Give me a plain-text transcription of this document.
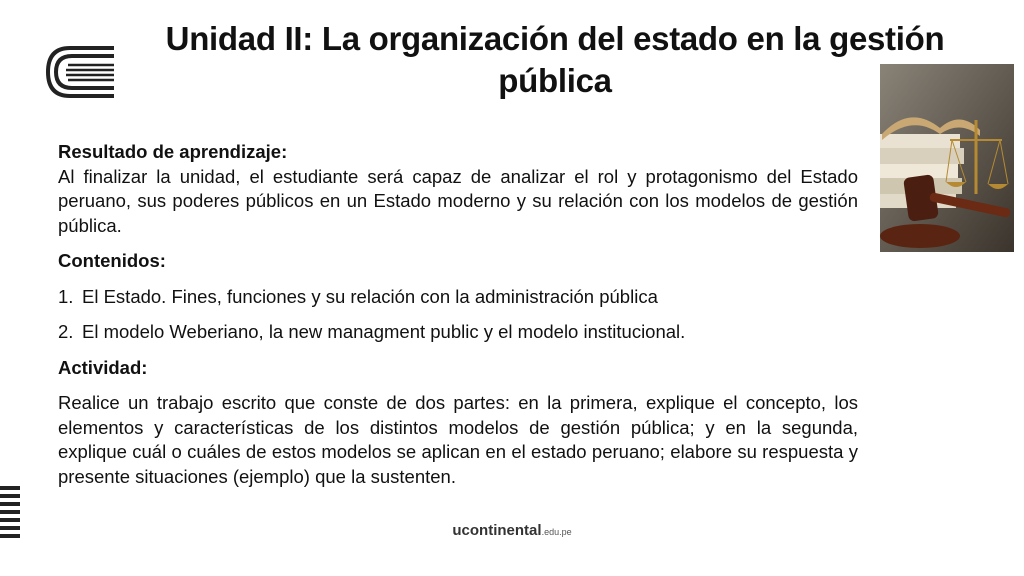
Unidad II: La organización del estado en la gestión pública

Resultado de aprendizaje:

Al finalizar la unidad, el estudiante será capaz de analizar el rol y protagonismo del Estado peruano, sus poderes públicos en un Estado moderno y su relación con los modelos de gestión pública.

Contenidos:

1. El Estado. Fines, funciones y su relación con la administración pública
2. El modelo Weberiano, la new managment public y el modelo institucional.

Actividad:

Realice un trabajo escrito que conste de dos partes: en la primera, explique el concepto, los elementos y características de los distintos modelos de gestión pública; y en la segunda, explique cuál o cuáles de estos modelos se aplican en el estado peruano; elabore su respuesta y presente situaciones (ejemplo) que la sustenten.

ucontinental.edu.pe
